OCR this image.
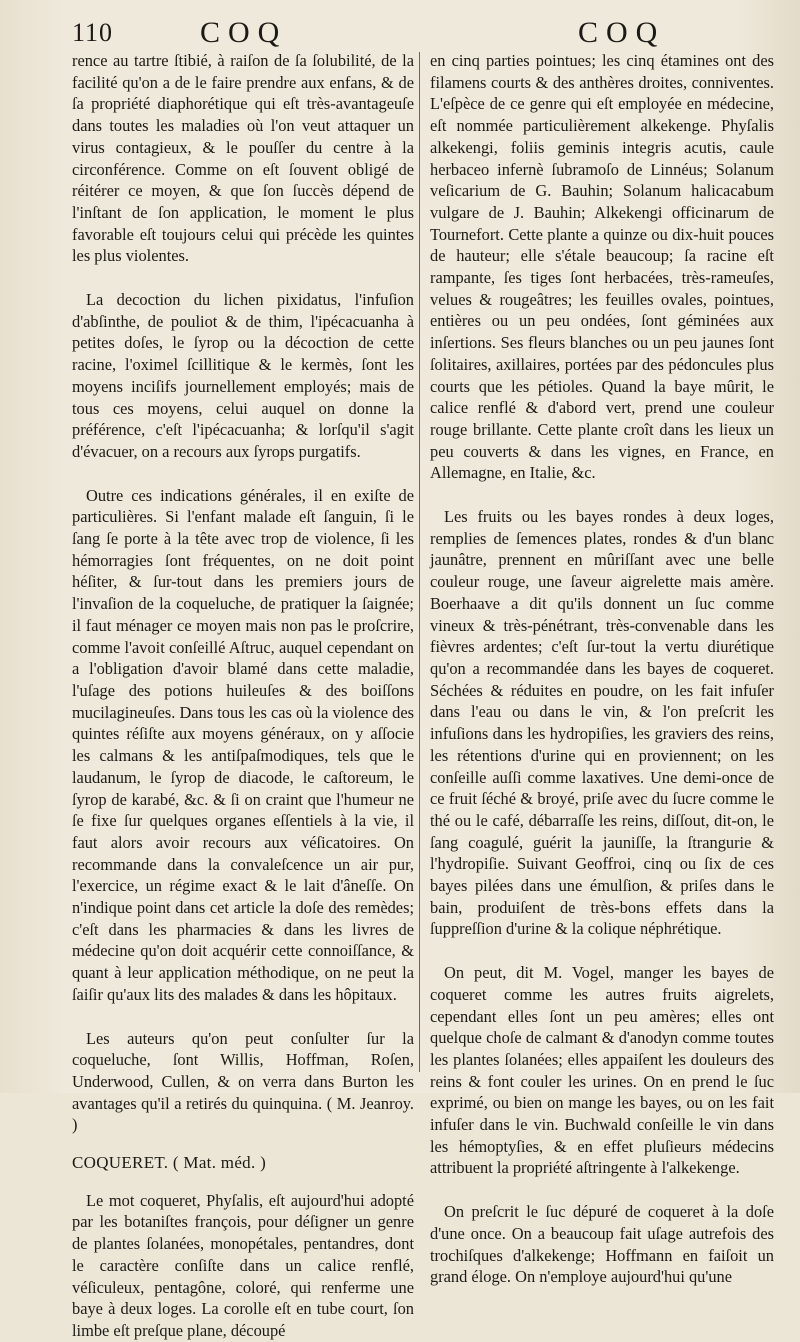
110	COQ	COQ

rence au tartre ſtibié, à raiſon de ſa ſolubilité, de la facilité qu'on a de le faire prendre aux enfans, & de ſa propriété diaphorétique qui eſt très-avantageuſe dans toutes les maladies où l'on veut attaquer un virus contagieux, & le pouſſer du centre à la circonférence. Comme on eſt ſouvent obligé de réitérer ce moyen, & que ſon ſuccès dépend de l'inſtant de ſon application, le moment le plus favorable eſt toujours celui qui précède les quintes les plus violentes.

La decoction du lichen pixidatus, l'infuſion d'abſinthe, de pouliot & de thim, l'ipécacuanha à petites doſes, le ſyrop ou la décoction de cette racine, l'oximel ſcillitique & le kermès, ſont les moyens inciſifs journellement employés; mais de tous ces moyens, celui auquel on donne la préférence, c'eſt l'ipécacuanha; & lorſqu'il s'agit d'évacuer, on a recours aux ſyrops purgatifs.

Outre ces indications générales, il en exiſte de particulières. Si l'enfant malade eſt ſanguin, ſi le ſang ſe porte à la tête avec trop de violence, ſi les hémorragies ſont fréquentes, on ne doit point héſiter, & ſur-tout dans les premiers jours de l'invaſion de la coqueluche, de pratiquer la ſaignée; il faut ménager ce moyen mais non pas le proſcrire, comme l'avoit conſeillé Aſtruc, auquel cependant on a l'obligation d'avoir blamé dans cette maladie, l'uſage des potions huileuſes & des boiſſons mucilagineuſes. Dans tous les cas où la violence des quintes réſiſte aux moyens généraux, on y aſſocie les calmans & les antiſpaſmodiques, tels que le laudanum, le ſyrop de diacode, le caſtoreum, le ſyrop de karabé, &c. & ſi on craint que l'humeur ne ſe fixe ſur quelques organes eſſentiels à la vie, il faut alors avoir recours aux véſicatoires. On recommande dans la convaleſcence un air pur, l'exercice, un régime exact & le lait d'âneſſe. On n'indique point dans cet article la doſe des remèdes; c'eſt dans les pharmacies & dans les livres de médecine qu'on doit acquérir cette connoiſſance, & quant à leur application méthodique, on ne peut la ſaiſir qu'aux lits des malades & dans les hôpitaux.

Les auteurs qu'on peut conſulter ſur la coqueluche, ſont Willis, Hoffman, Roſen, Underwood, Cullen, & on verra dans Burton les avantages qu'il a retirés du quinquina. ( M. Jeanroy. )

COQUERET. ( Mat. méd. )

Le mot coqueret, Phyſalis, eſt aujourd'hui adopté par les botaniſtes françois, pour déſigner un genre de plantes ſolanées, monopétales, pentandres, dont le caractère conſiſte dans un calice renflé, véſiculeux, pentagône, coloré, qui renferme une baye à deux loges. La corolle eſt en tube court, ſon limbe eſt preſque plane, découpé

en cinq parties pointues; les cinq étamines ont des filamens courts & des anthères droites, conniventes. L'eſpèce de ce genre qui eſt employée en médecine, eſt nommée particulièrement alkekenge. Phyſalis alkekengi, foliis geminis integris acutis, caule herbaceo infernè ſubramoſo de Linnéus; Solanum veſicarium de G. Bauhin; Solanum halicacabum vulgare de J. Bauhin; Alkekengi officinarum de Tournefort. Cette plante a quinze ou dix-huit pouces de hauteur; elle s'étale beaucoup; ſa racine eſt rampante, ſes tiges ſont herbacées, très-rameuſes, velues & rougeâtres; les feuilles ovales, pointues, entières ou un peu ondées, ſont géminées aux inſertions. Ses fleurs blanches ou un peu jaunes ſont ſolitaires, axillaires, portées par des pédoncules plus courts que les pétioles. Quand la baye mûrit, le calice renflé & d'abord vert, prend une couleur rouge brillante. Cette plante croît dans les lieux un peu couverts & dans les vignes, en France, en Allemagne, en Italie, &c.

Les fruits ou les bayes rondes à deux loges, remplies de ſemences plates, rondes & d'un blanc jaunâtre, prennent en mûriſſant avec une belle couleur rouge, une ſaveur aigrelette mais amère. Boerhaave a dit qu'ils donnent un ſuc comme vineux & très-pénétrant, très-convenable dans les fièvres ardentes; c'eſt ſur-tout la vertu diurétique qu'on a recommandée dans les bayes de coqueret. Séchées & réduites en poudre, on les fait infuſer dans l'eau ou dans le vin, & l'on preſcrit les infuſions dans les hydropiſies, les graviers des reins, les rétentions d'urine qui en proviennent; on les conſeille auſſi comme laxatives. Une demi-once de ce fruit ſéché & broyé, priſe avec du ſucre comme le thé ou le café, débarraſſe les reins, diſſout, dit-on, le ſang coagulé, guérit la jauniſſe, la ſtrangurie & l'hydropiſie. Suivant Geoffroi, cinq ou ſix de ces bayes pilées dans une émulſion, & priſes dans le bain, produiſent de très-bons effets dans la ſuppreſſion d'urine & la colique néphrétique.

On peut, dit M. Vogel, manger les bayes de coqueret comme les autres fruits aigrelets, cependant elles ſont un peu amères; elles ont quelque choſe de calmant & d'anodyn comme toutes les plantes ſolanées; elles appaiſent les douleurs des reins & font couler les urines. On en prend le ſuc exprimé, ou bien on mange les bayes, ou on les fait infuſer dans le vin. Buchwald conſeille le vin dans les hémoptyſies, & en effet pluſieurs médecins attribuent la propriété aſtringente à l'alkekenge.

On preſcrit le ſuc dépuré de coqueret à la doſe d'une once. On a beaucoup fait uſage autrefois des trochiſques d'alkekenge; Hoffmann en faiſoit un grand éloge. On n'employe aujourd'hui qu'une
